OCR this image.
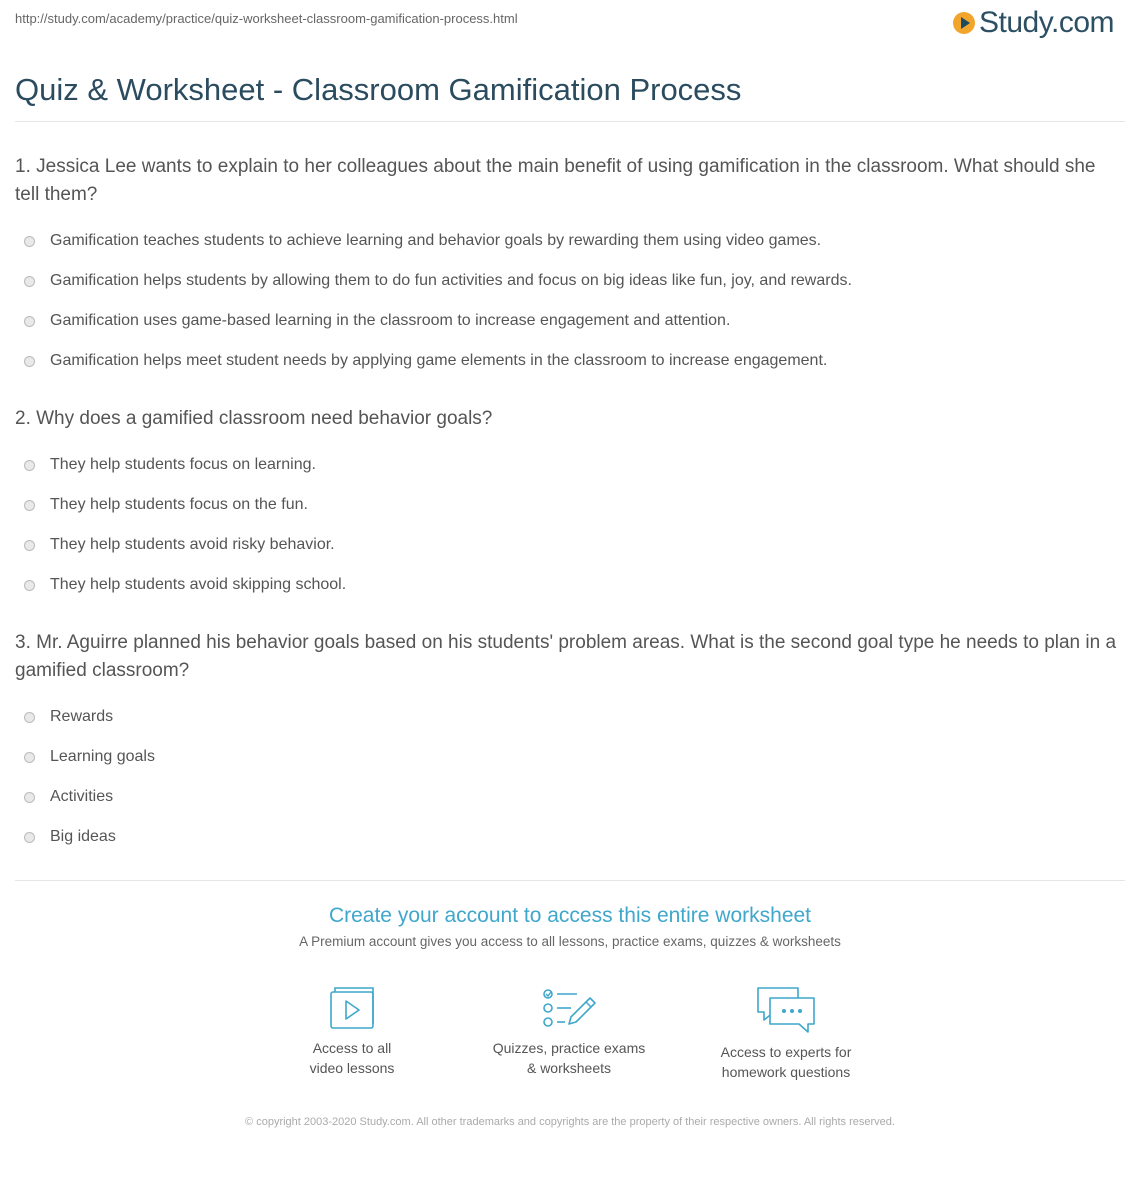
http://study.com/academy/practice/quiz-worksheet-classroom-gamification-process.html	Study.com
Quiz & Worksheet - Classroom Gamification Process

1. Jessica Lee wants to explain to her colleagues about the main benefit of using gamification in the classroom. What should she tell them?

Gamification teaches students to achieve learning and behavior goals by rewarding them using video games.
Gamification helps students by allowing them to do fun activities and focus on big ideas like fun, joy, and rewards.
Gamification uses game-based learning in the classroom to increase engagement and attention.
Gamification helps meet student needs by applying game elements in the classroom to increase engagement.

2. Why does a gamified classroom need behavior goals?

They help students focus on learning.
They help students focus on the fun.
They help students avoid risky behavior.
They help students avoid skipping school.

3. Mr. Aguirre planned his behavior goals based on his students' problem areas. What is the second goal type he needs to plan in a gamified classroom?

Rewards
Learning goals
Activities
Big ideas
Create your account to access this entire worksheet
A Premium account gives you access to all lessons, practice exams, quizzes & worksheets
Access to all
video lessons
Quizzes, practice exams
& worksheets
Access to experts for
homework questions
© copyright 2003-2020 Study.com. All other trademarks and copyrights are the property of their respective owners. All rights reserved.
